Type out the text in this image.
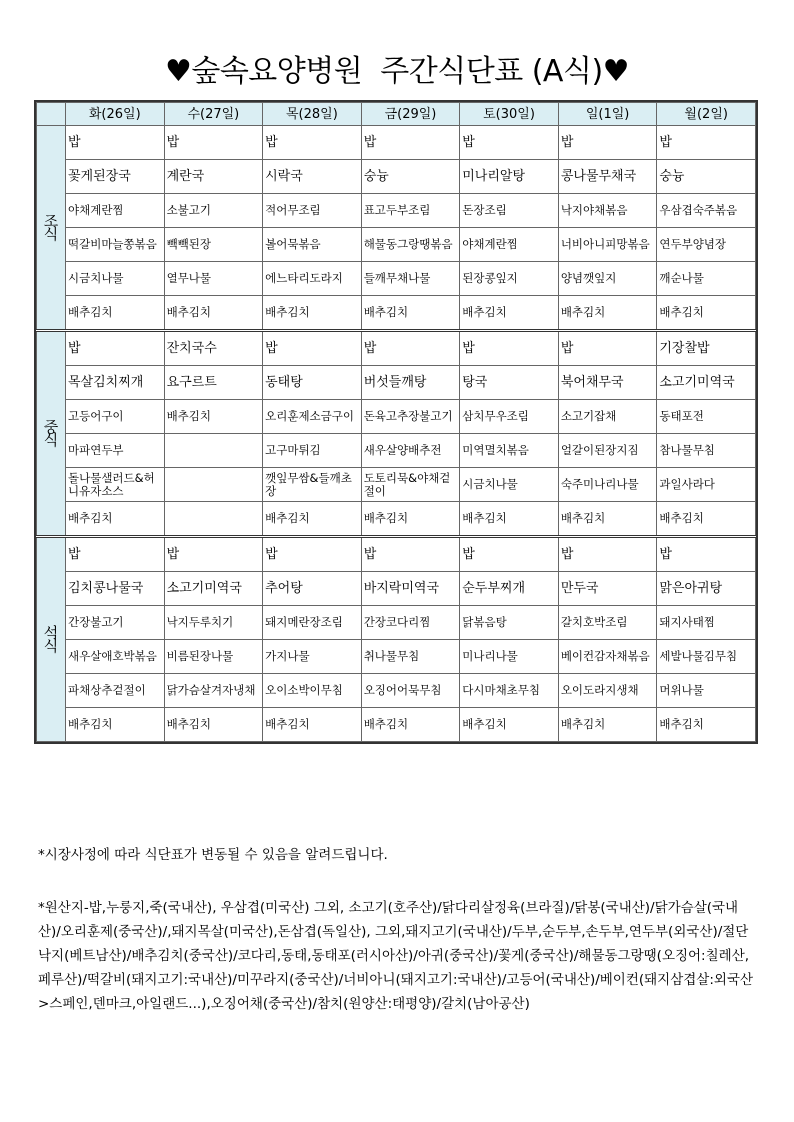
♥숲속요양병원  주간식단표 (A식)♥
	화(26일)	수(27일)	목(28일)	금(29일)	토(30일)	일(1일)	월(2일)

조
식	밥	밥	밥	밥	밥	밥	밥
	꽃게된장국	계란국	시락국	숭늉	미나리알탕	콩나물무채국	숭늉
	야채계란찜	소불고기	적어무조림	표고두부조림	돈장조림	낙지야채볶음	우삼겹숙주볶음
	떡갈비마늘쫑볶음	빽빽된장	볼어묵볶음	해물동그랑땡볶음	야채계란찜	너비아니피망볶음	연두부양념장
	시금치나물	열무나물	에느타리도라지	들깨무채나물	된장콩잎지	양념깻잎지	깨순나물
	배추김치	배추김치	배추김치	배추김치	배추김치	배추김치	배추김치

중
식	밥	잔치국수	밥	밥	밥	밥	기장찰밥
	목살김치찌개	요구르트	동태탕	버섯들깨탕	탕국	북어채무국	소고기미역국
	고등어구이	배추김치	오리훈제소금구이	돈육고추장불고기	삼치무우조림	소고기잡채	동태포전
	마파연두부		고구마튀김	새우살양배추전	미역멸치볶음	얼갈이된장지짐	참나물무침
	돌나물샐러드&허니유자소스		깻잎무쌈&들깨초장	도토리묵&야채겉절이	시금치나물	숙주미나리나물	과일사라다
	배추김치		배추김치	배추김치	배추김치	배추김치	배추김치

석
식	밥	밥	밥	밥	밥	밥	밥
	김치콩나물국	소고기미역국	추어탕	바지락미역국	순두부찌개	만두국	맑은아귀탕
	간장불고기	낙지두루치기	돼지메란장조림	간장코다리찜	닭볶음탕	갈치호박조림	돼지사태찜
	새우살애호박볶음	비름된장나물	가지나물	취나물무침	미나리나물	베이컨감자채볶음	세발나물김무침
	파채상추겉절이	닭가슴살겨자냉채	오이소박이무침	오징어어묵무침	다시마채초무침	오이도라지생채	머위나물
	배추김치	배추김치	배추김치	배추김치	배추김치	배추김치	배추김치
*시장사정에 따라 식단표가 변동될 수 있음을 알려드립니다.
*원산지-밥,누룽지,죽(국내산), 우삼겹(미국산) 그외, 소고기(호주산)/닭다리살정육(브라질)/닭봉(국내산)/닭가슴살(국내산)/오리훈제(중국산)/,돼지목살(미국산),돈삼겹(독일산), 그외,돼지고기(국내산)/두부,순두부,손두부,연두부(외국산)/절단낙지(베트남산)/배추김치(중국산)/코다리,동태,동태포(러시아산)/아귀(중국산)/꽃게(중국산)/해물동그랑땡(오징어:칠레산,페루산)/떡갈비(돼지고기:국내산)/미꾸라지(중국산)/너비아니(돼지고기:국내산)/고등어(국내산)/베이컨(돼지삼겹살:외국산>스페인,덴마크,아일랜드...),오징어채(중국산)/참치(원양산:태평양)/갈치(남아공산)
